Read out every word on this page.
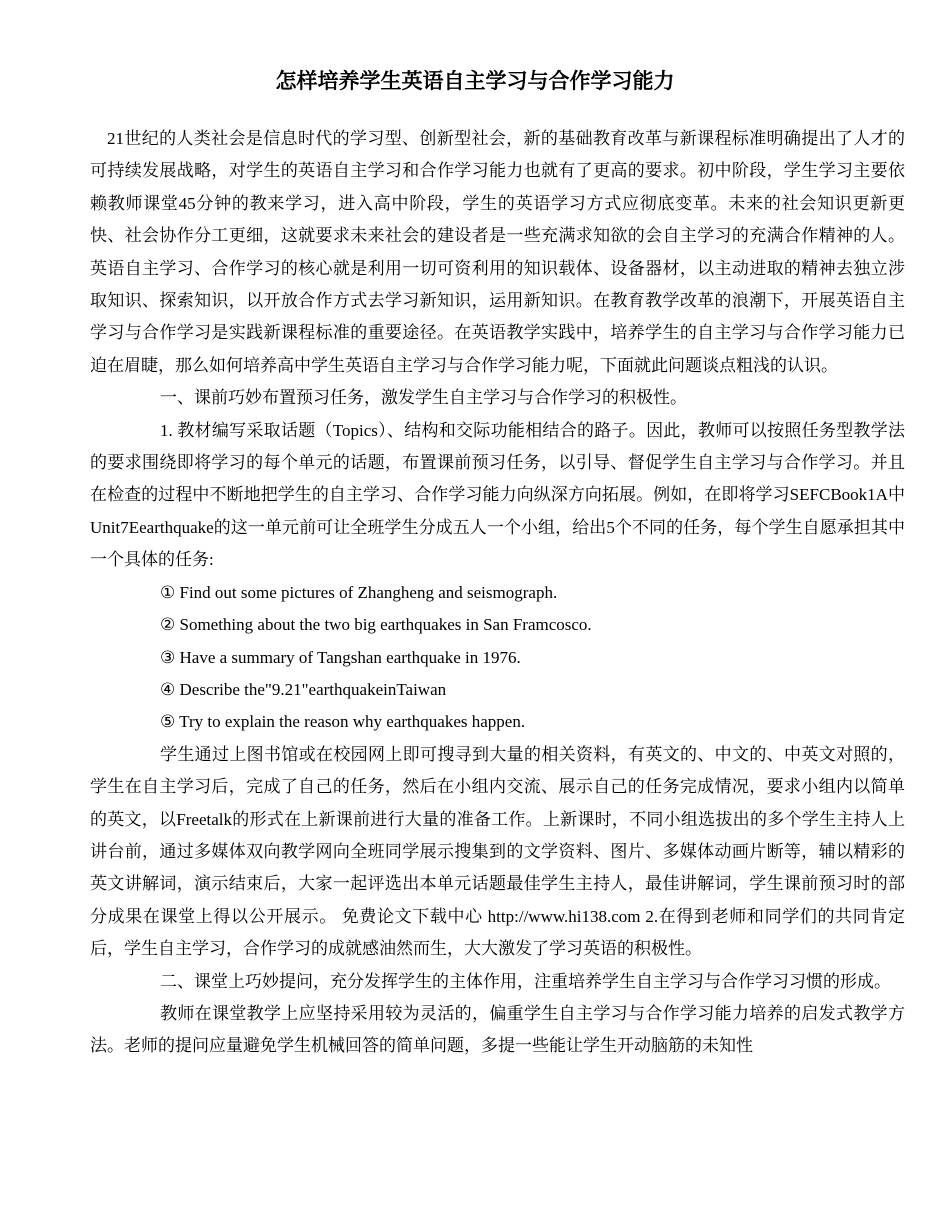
怎样培养学生英语自主学习与合作学习能力

21世纪的人类社会是信息时代的学习型、创新型社会，新的基础教育改革与新课程标准明确提出了人才的可持续发展战略，对学生的英语自主学习和合作学习能力也就有了更高的要求。初中阶段，学生学习主要依赖教师课堂45分钟的教来学习，进入高中阶段，学生的英语学习方式应彻底变革。未来的社会知识更新更快、社会协作分工更细，这就要求未来社会的建设者是一些充满求知欲的会自主学习的充满合作精神的人。英语自主学习、合作学习的核心就是利用一切可资利用的知识载体、设备器材，以主动进取的精神去独立涉取知识、探索知识，以开放合作方式去学习新知识，运用新知识。在教育教学改革的浪潮下，开展英语自主学习与合作学习是实践新课程标准的重要途径。在英语教学实践中，培养学生的自主学习与合作学习能力已迫在眉睫，那么如何培养高中学生英语自主学习与合作学习能力呢，下面就此问题谈点粗浅的认识。

一、课前巧妙布置预习任务，激发学生自主学习与合作学习的积极性。

1. 教材编写采取话题（Topics）、结构和交际功能相结合的路子。因此，教师可以按照任务型教学法的要求围绕即将学习的每个单元的话题，布置课前预习任务，以引导、督促学生自主学习与合作学习。并且在检查的过程中不断地把学生的自主学习、合作学习能力向纵深方向拓展。例如，在即将学习SEFCBook1A中Unit7Eearthquake的这一单元前可让全班学生分成五人一个小组，给出5个不同的任务，每个学生自愿承担其中一个具体的任务:

① Find out some pictures of Zhangheng and seismograph.

② Something about the two big earthquakes in San Framcosco.

③ Have a summary of Tangshan earthquake in 1976.

④ Describe the"9.21"earthquakeinTaiwan

⑤ Try to explain the reason why earthquakes happen.

学生通过上图书馆或在校园网上即可搜寻到大量的相关资料，有英文的、中文的、中英文对照的，学生在自主学习后，完成了自己的任务，然后在小组内交流、展示自己的任务完成情况，要求小组内以简单的英文，以Freetalk的形式在上新课前进行大量的准备工作。上新课时，不同小组选拔出的多个学生主持人上讲台前，通过多媒体双向教学网向全班同学展示搜集到的文学资料、图片、多媒体动画片断等，辅以精彩的英文讲解词，演示结束后，大家一起评选出本单元话题最佳学生主持人，最佳讲解词，学生课前预习时的部分成果在课堂上得以公开展示。 免费论文下载中心 http://www.hi138.com 2.在得到老师和同学们的共同肯定后，学生自主学习，合作学习的成就感油然而生，大大激发了学习英语的积极性。

二、课堂上巧妙提问，充分发挥学生的主体作用，注重培养学生自主学习与合作学习习惯的形成。

教师在课堂教学上应坚持采用较为灵活的，偏重学生自主学习与合作学习能力培养的启发式教学方法。老师的提问应量避免学生机械回答的简单问题，多提一些能让学生开动脑筋的未知性
